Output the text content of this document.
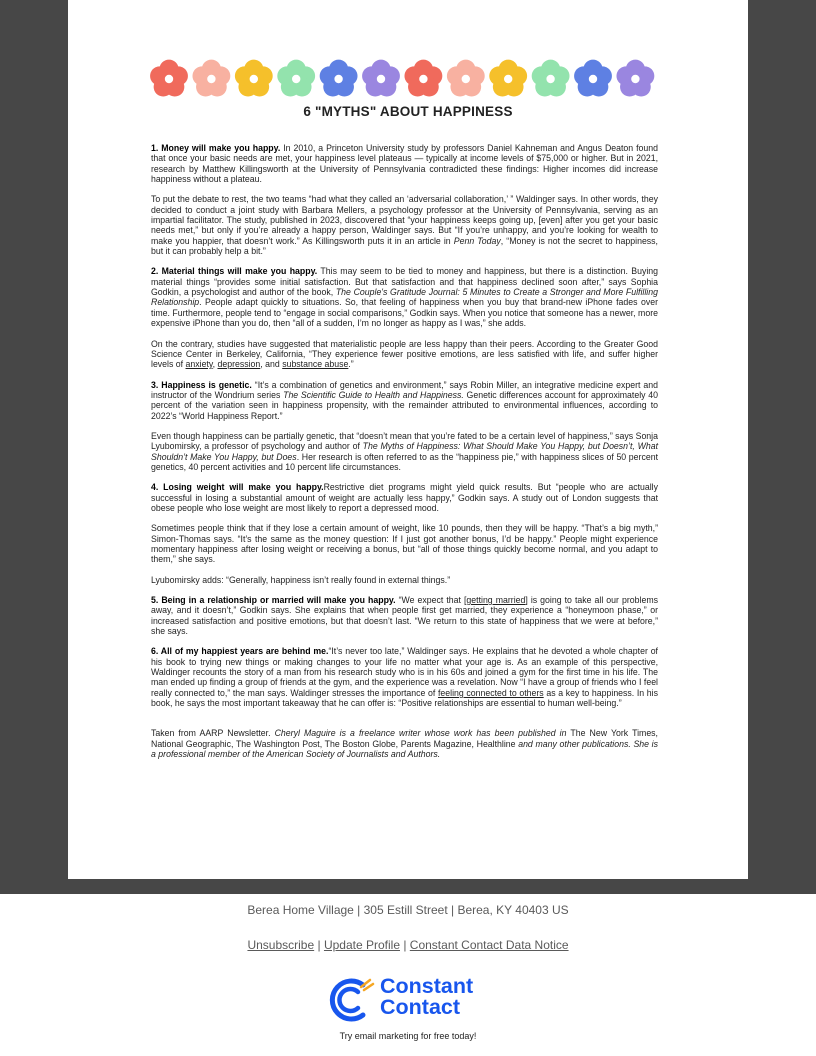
6 "MYTHS" ABOUT HAPPINESS

1. Money will make you happy. In 2010, a Princeton University study by professors Daniel Kahneman and Angus Deaton found that once your basic needs are met, your happiness level plateaus — typically at income levels of $75,000 or higher. But in 2021, research by Matthew Killingsworth at the University of Pennsylvania contradicted these findings: Higher incomes did increase happiness without a plateau.

To put the debate to rest, the two teams “had what they called an ‘adversarial collaboration,’ ” Waldinger says. In other words, they decided to conduct a joint study with Barbara Mellers, a psychology professor at the University of Pennsylvania, serving as an impartial facilitator. The study, published in 2023, discovered that “your happiness keeps going up, [even] after you get your basic needs met,” but only if you’re already a happy person, Waldinger says. But “If you’re unhappy, and you’re looking for wealth to make you happier, that doesn’t work.” As Killingsworth puts it in an article in Penn Today, “Money is not the secret to happiness, but it can probably help a bit.”

2. Material things will make you happy. This may seem to be tied to money and happiness, but there is a distinction. Buying material things “provides some initial satisfaction. But that satisfaction and that happiness declined soon after,” says Sophia Godkin, a psychologist and author of the book, The Couple's Gratitude Journal: 5 Minutes to Create a Stronger and More Fulfilling Relationship. People adapt quickly to situations. So, that feeling of happiness when you buy that brand-new iPhone fades over time. Furthermore, people tend to “engage in social comparisons,” Godkin says. When you notice that someone has a newer, more expensive iPhone than you do, then “all of a sudden, I’m no longer as happy as I was,” she adds.

On the contrary, studies have suggested that materialistic people are less happy than their peers. According to the Greater Good Science Center in Berkeley, California, “They experience fewer positive emotions, are less satisfied with life, and suffer higher levels of anxiety, depression, and substance abuse.”

3. Happiness is genetic. “It’s a combination of genetics and environment,” says Robin Miller, an integrative medicine expert and instructor of the Wondrium series The Scientific Guide to Health and Happiness. Genetic differences account for approximately 40 percent of the variation seen in happiness propensity, with the remainder attributed to environmental influences, according to 2022’s “World Happiness Report.”

Even though happiness can be partially genetic, that “doesn’t mean that you’re fated to be a certain level of happiness,” says Sonja Lyubomirsky, a professor of psychology and author of The Myths of Happiness: What Should Make You Happy, but Doesn’t, What Shouldn’t Make You Happy, but Does. Her research is often referred to as the “happiness pie,” with happiness slices of 50 percent genetics, 40 percent activities and 10 percent life circumstances.

4. Losing weight will make you happy.Restrictive diet programs might yield quick results. But “people who are actually successful in losing a substantial amount of weight are actually less happy,” Godkin says. A study out of London suggests that obese people who lose weight are most likely to report a depressed mood.

Sometimes people think that if they lose a certain amount of weight, like 10 pounds, then they will be happy. “That’s a big myth,” Simon-Thomas says. “It’s the same as the money question: If I just got another bonus, I’d be happy.” People might experience momentary happiness after losing weight or receiving a bonus, but “all of those things quickly become normal, and you adapt to them,” she says.

Lyubomirsky adds: “Generally, happiness isn’t really found in external things.”

5. Being in a relationship or married will make you happy. “We expect that [getting married] is going to take all our problems away, and it doesn’t,” Godkin says. She explains that when people first get married, they experience a “honeymoon phase,” or increased satisfaction and positive emotions, but that doesn’t last. “We return to this state of happiness that we were at before,” she says.

6. All of my happiest years are behind me.“It’s never too late,” Waldinger says. He explains that he devoted a whole chapter of his book to trying new things or making changes to your life no matter what your age is. As an example of this perspective, Waldinger recounts the story of a man from his research study who is in his 60s and joined a gym for the first time in his life. The man ended up finding a group of friends at the gym, and the experience was a revelation. Now “I have a group of friends who I feel really connected to,” the man says. Waldinger stresses the importance of feeling connected to others as a key to happiness. In his book, he says the most important takeaway that he can offer is: “Positive relationships are essential to human well-being.”

Taken from AARP Newsletter. Cheryl Maguire is a freelance writer whose work has been published in The New York Times, National Geographic, The Washington Post, The Boston Globe, Parents Magazine, Healthline and many other publications. She is a professional member of the American Society of Journalists and Authors.

Berea Home Village | 305 Estill Street | Berea, KY 40403 US
Unsubscribe | Update Profile | Constant Contact Data Notice
Constant
Contact
Try email marketing for free today!
